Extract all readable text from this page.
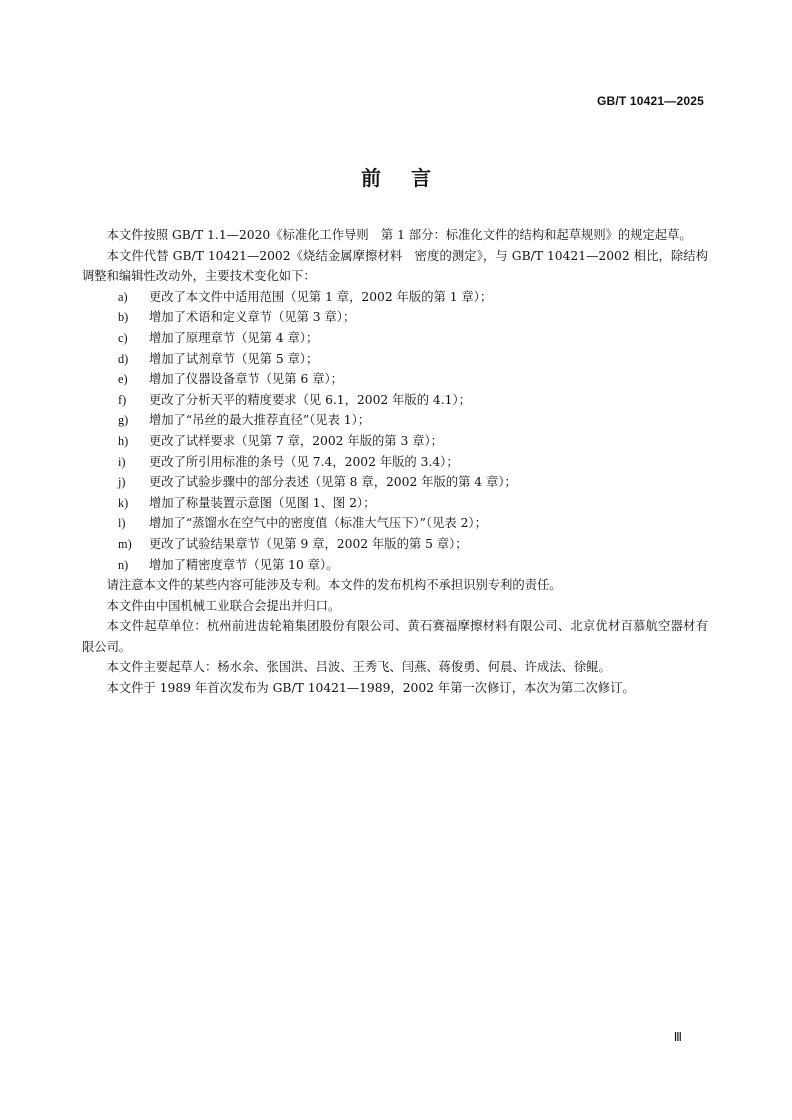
GB/T 10421—2025
前言

本文件按照 GB/T 1.1—2020《标准化工作导则　第 1 部分：标准化文件的结构和起草规则》的规定起草。

本文件代替 GB/T 10421—2002《烧结金属摩擦材料　密度的测定》，与 GB/T 10421—2002 相比，除结构调整和编辑性改动外，主要技术变化如下：

a)	更改了本文件中适用范围（见第 1 章，2002 年版的第 1 章）；

b)	增加了术语和定义章节（见第 3 章）；

c)	增加了原理章节（见第 4 章）；

d)	增加了试剂章节（见第 5 章）；

e)	增加了仪器设备章节（见第 6 章）；

f)	更改了分析天平的精度要求（见 6.1，2002 年版的 4.1）；

g)	增加了“吊丝的最大推荐直径”（见表 1）；

h)	更改了试样要求（见第 7 章，2002 年版的第 3 章）；

i)	更改了所引用标准的条号（见 7.4，2002 年版的 3.4）；

j)	更改了试验步骤中的部分表述（见第 8 章，2002 年版的第 4 章）；

k)	增加了称量装置示意图（见图 1、图 2）；

l)	增加了“蒸馏水在空气中的密度值（标准大气压下）”（见表 2）；

m)	更改了试验结果章节（见第 9 章，2002 年版的第 5 章）；

n)	增加了精密度章节（见第 10 章）。

请注意本文件的某些内容可能涉及专利。本文件的发布机构不承担识别专利的责任。

本文件由中国机械工业联合会提出并归口。

本文件起草单位：杭州前进齿轮箱集团股份有限公司、黄石赛福摩擦材料有限公司、北京优材百慕航空器材有限公司。

本文件主要起草人：杨水余、张国洪、吕波、王秀飞、闫燕、蒋俊勇、何晨、许成法、徐鲲。

本文件于 1989 年首次发布为 GB/T 10421—1989，2002 年第一次修订，本次为第二次修订。

Ⅲ
